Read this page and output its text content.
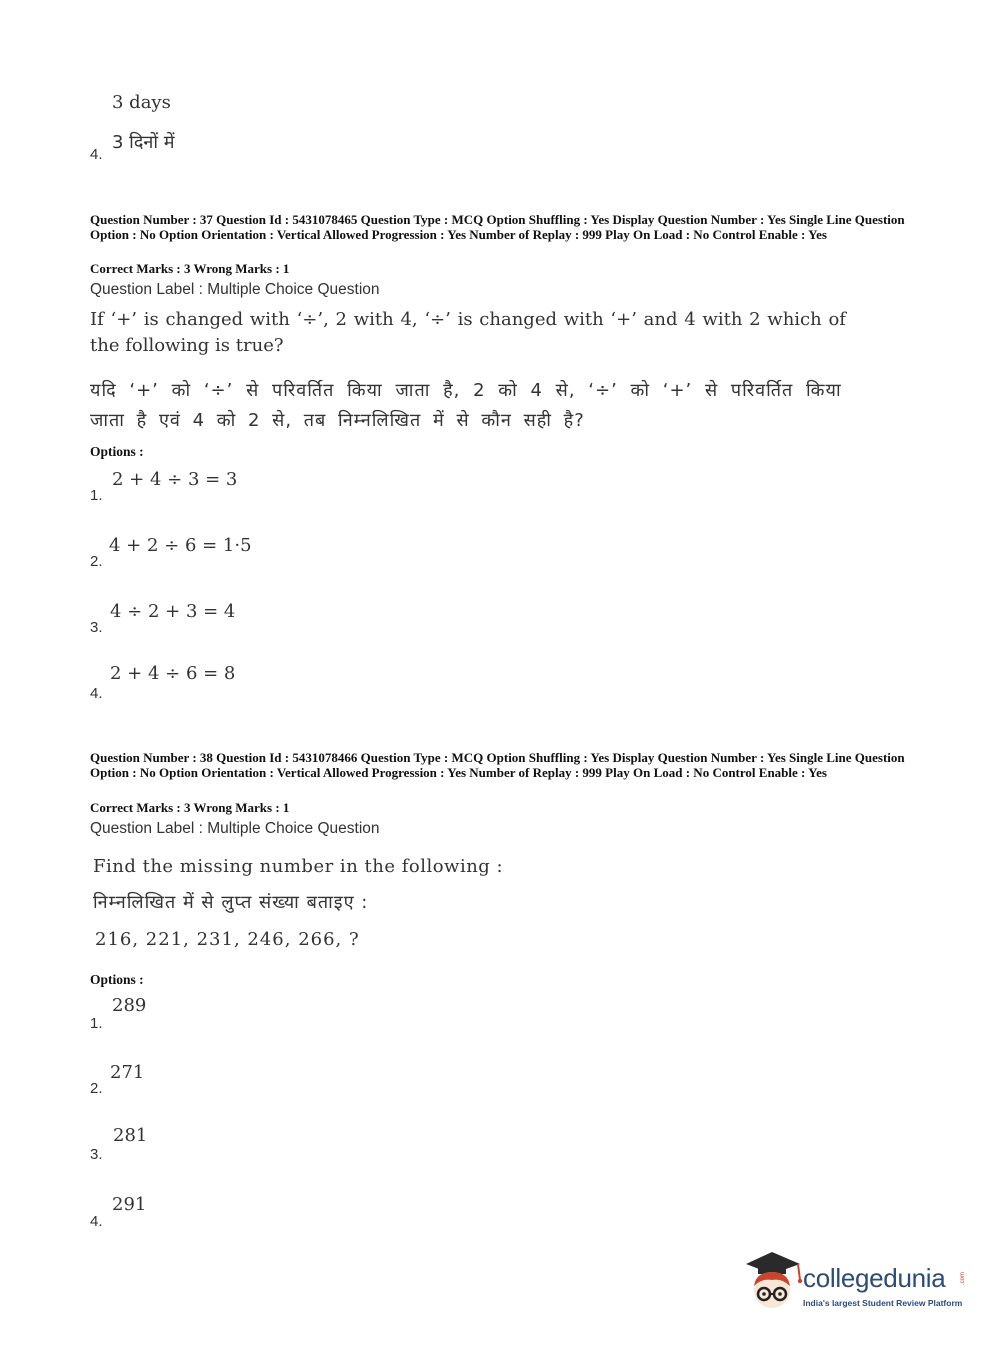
3 days
3 दिनों में
4.
Question Number : 37 Question Id : 5431078465 Question Type : MCQ Option Shuffling : Yes Display Question Number : Yes Single Line Question Option : No Option Orientation : Vertical Allowed Progression : Yes Number of Replay : 999 Play On Load : No Control Enable : Yes
Correct Marks : 3 Wrong Marks : 1
Question Label : Multiple Choice Question
If ‘+’ is changed with ‘÷’, 2 with 4, ‘÷’ is changed with ‘+’ and 4 with 2 which of
the following is true?
यदि ‘+’ को ‘÷’ से परिवर्तित किया जाता है, 2 को 4 से, ‘÷’ को ‘+’ से परिवर्तित किया
जाता है एवं 4 को 2 से, तब निम्नलिखित में से कौन सही है?
Options :
2 + 4 ÷ 3 = 3
1.
4 + 2 ÷ 6 = 1·5
2.
4 ÷ 2 + 3 = 4
3.
2 + 4 ÷ 6 = 8
4.
Question Number : 38 Question Id : 5431078466 Question Type : MCQ Option Shuffling : Yes Display Question Number : Yes Single Line Question Option : No Option Orientation : Vertical Allowed Progression : Yes Number of Replay : 999 Play On Load : No Control Enable : Yes
Correct Marks : 3 Wrong Marks : 1
Question Label : Multiple Choice Question
Find the missing number in the following :
निम्नलिखित में से लुप्त संख्या बताइए :
216, 221, 231, 246, 266, ?
Options :
289
1.
271
2.
281
3.
291
4.
collegedunia .com
India's largest Student Review Platform
